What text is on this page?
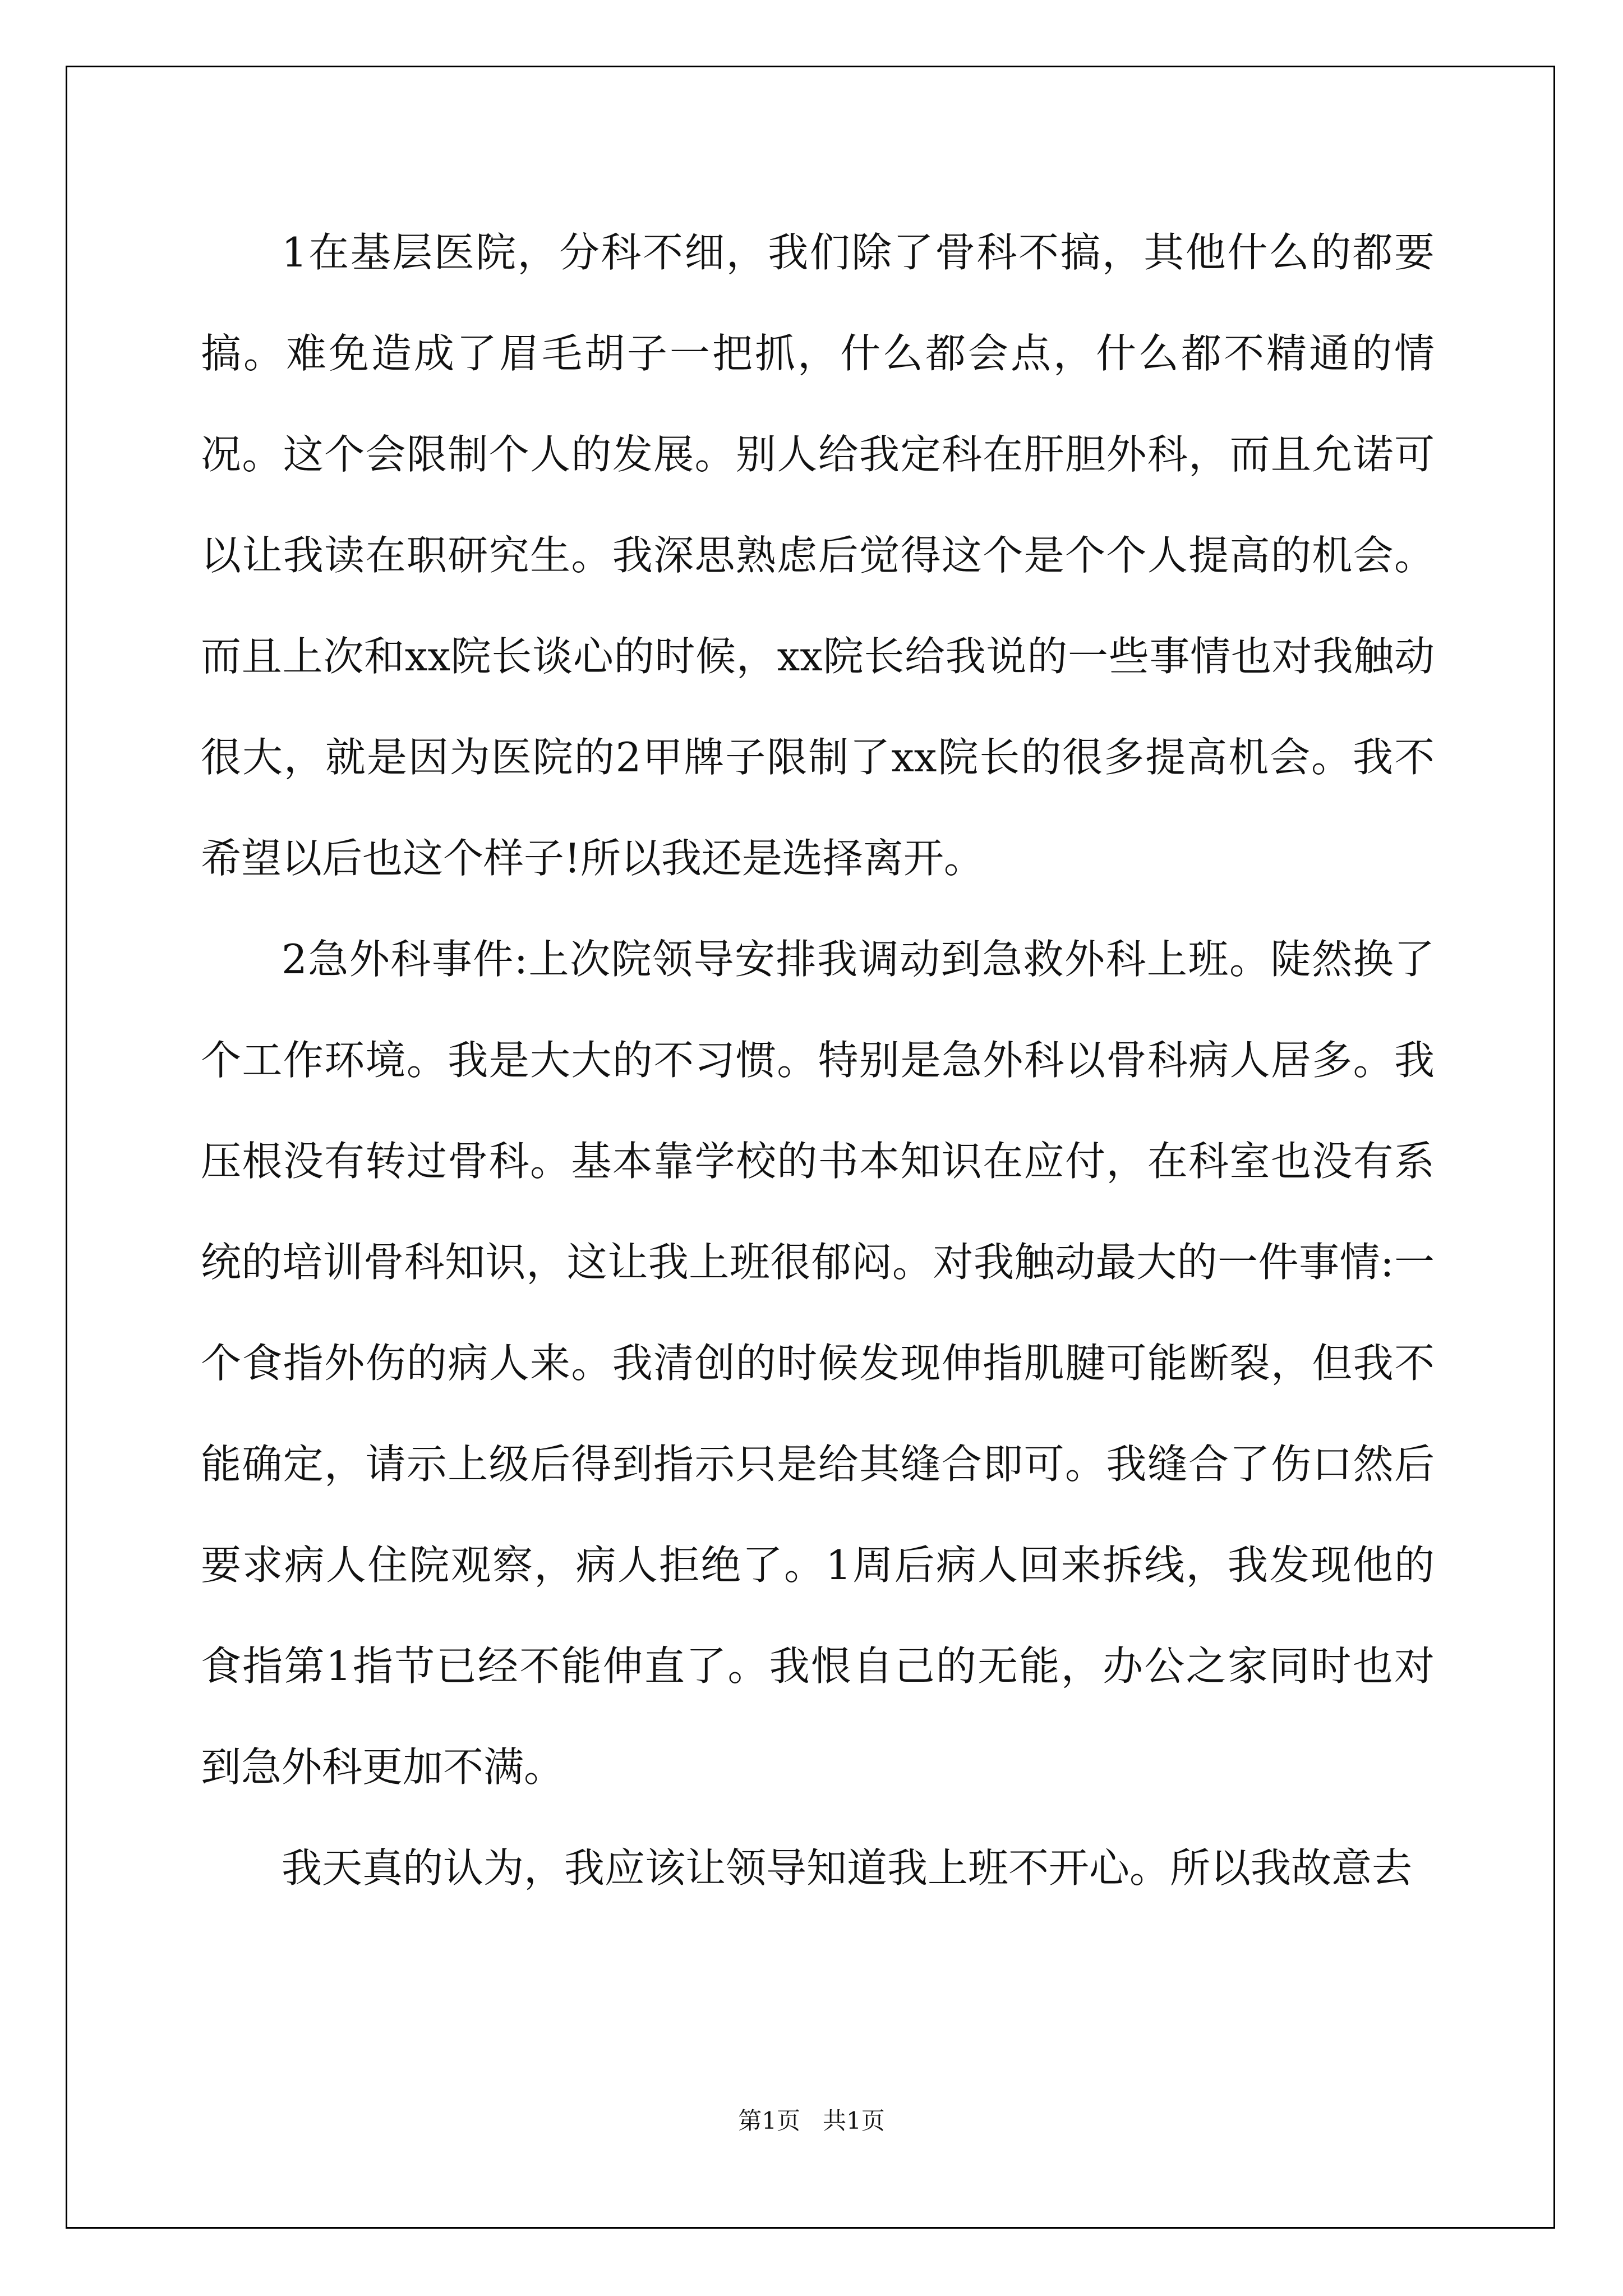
1在基层医院，分科不细，我们除了骨科不搞，其他什么的都要搞。难免造成了眉毛胡子一把抓，什么都会点，什么都不精通的情况。这个会限制个人的发展。别人给我定科在肝胆外科，而且允诺可以让我读在职研究生。我深思熟虑后觉得这个是个个人提高的机会。而且上次和xx院长谈心的时候，xx院长给我说的一些事情也对我触动很大，就是因为医院的2甲牌子限制了xx院长的很多提高机会。我不希望以后也这个样子!所以我还是选择离开。

2急外科事件:上次院领导安排我调动到急救外科上班。陡然换了个工作环境。我是大大的不习惯。特别是急外科以骨科病人居多。我压根没有转过骨科。基本靠学校的书本知识在应付，在科室也没有系统的培训骨科知识，这让我上班很郁闷。对我触动最大的一件事情:一个食指外伤的病人来。我清创的时候发现伸指肌腱可能断裂，但我不能确定，请示上级后得到指示只是给其缝合即可。我缝合了伤口然后要求病人住院观察，病人拒绝了。1周后病人回来拆线，我发现他的食指第1指节已经不能伸直了。我恨自己的无能，办公之家同时也对到急外科更加不满。

我天真的认为，我应该让领导知道我上班不开心。所以我故意去

第1页 共1页
